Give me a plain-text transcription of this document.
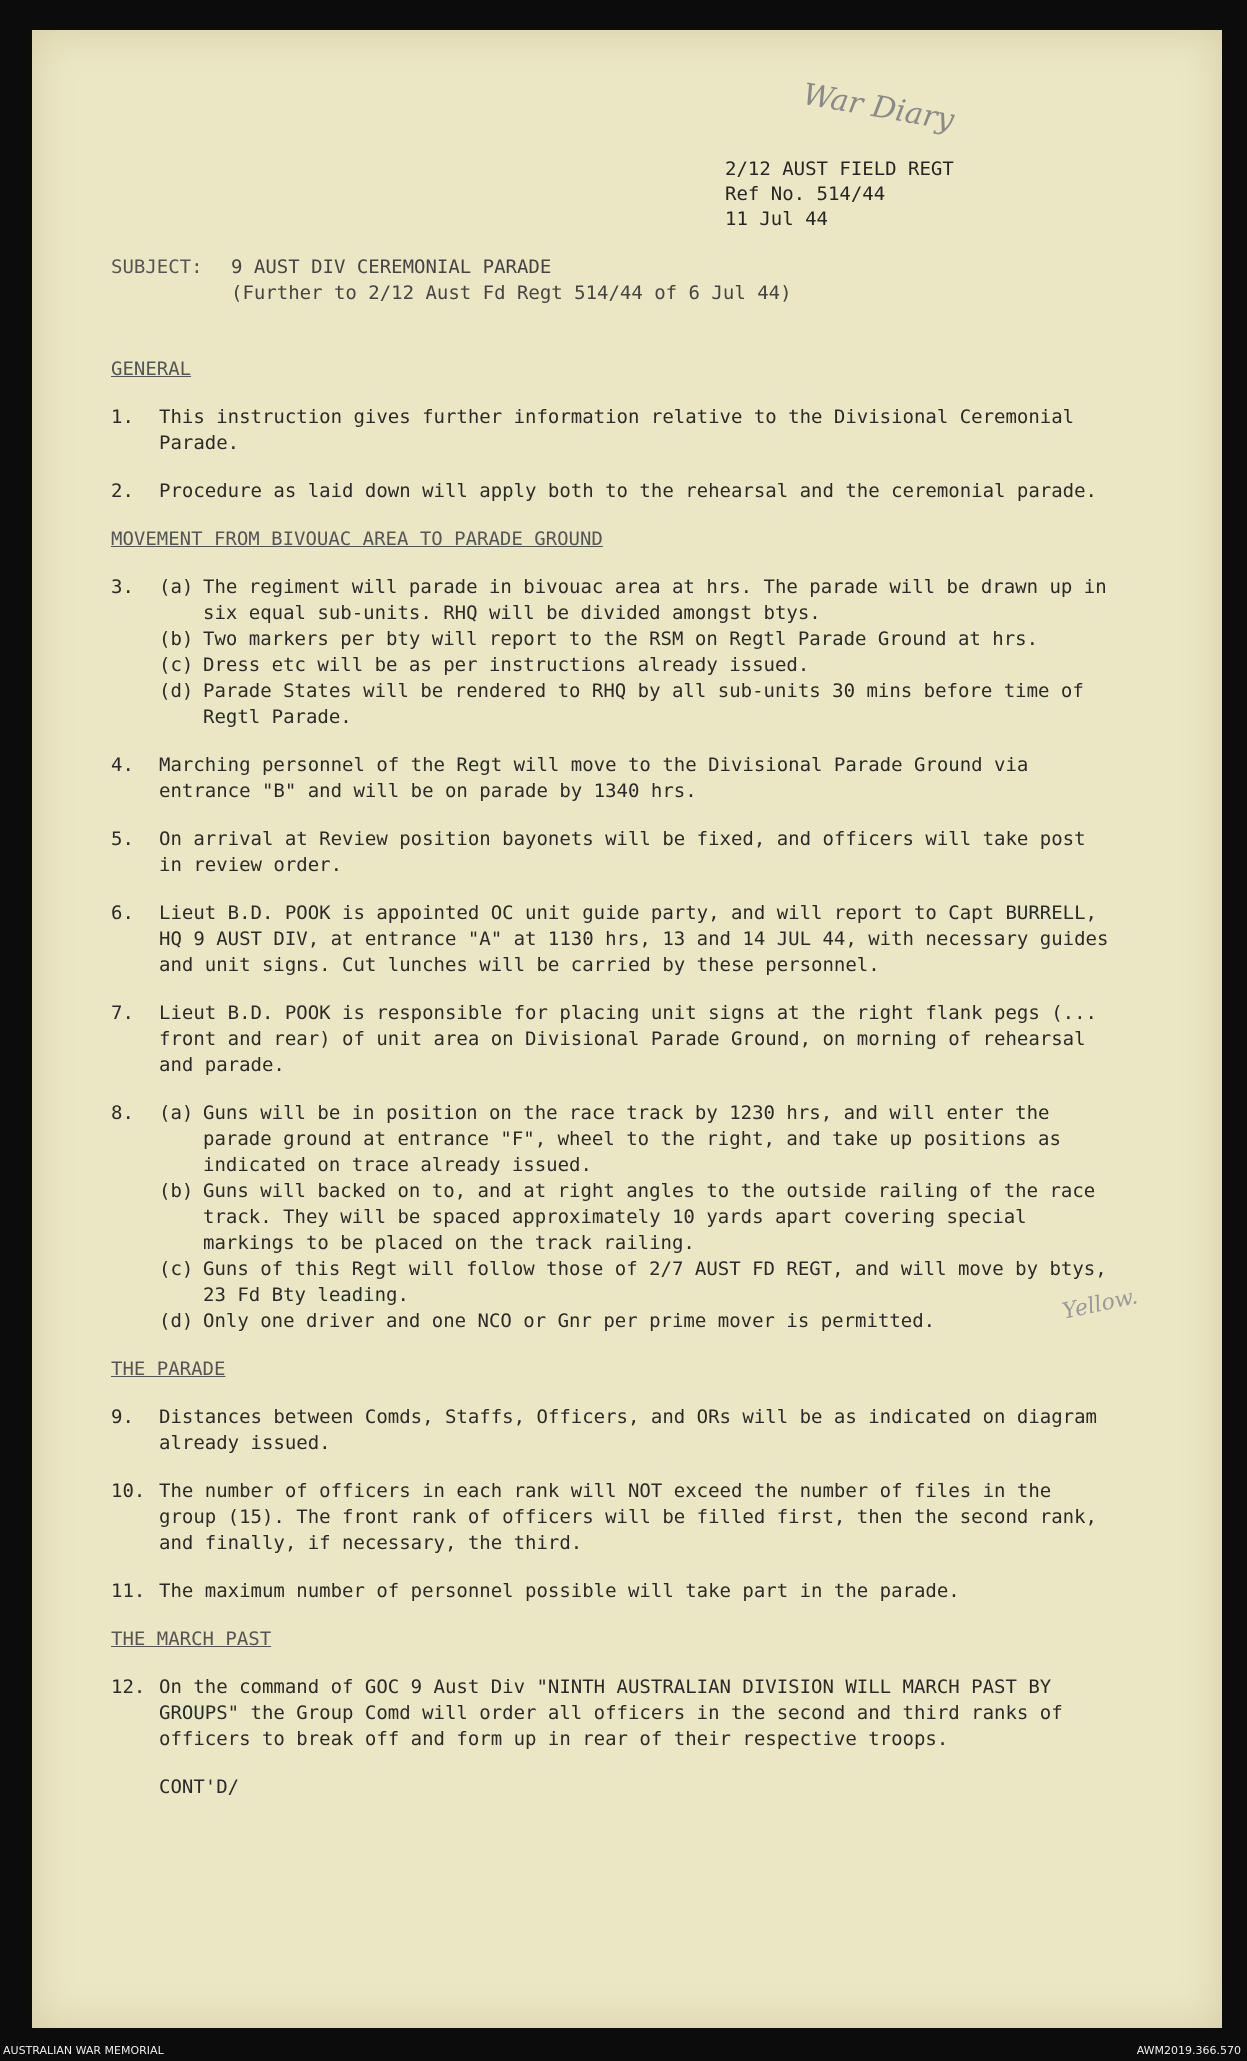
War Diary
Yellow.
2/12 AUST FIELD REGT
Ref No. 514/44
11 Jul 44
SUBJECT:	9 AUST DIV CEREMONIAL PARADE
(Further to 2/12 Aust Fd Regt 514/44 of 6 Jul 44)
GENERAL
1.	This instruction gives further information relative to the Divisional Ceremonial Parade.
2.	Procedure as laid down will apply both to the rehearsal and the ceremonial parade.
MOVEMENT FROM BIVOUAC AREA TO PARADE GROUND
3.	(a) The regiment will parade in bivouac area at hrs. The parade will be drawn up in six equal sub-units. RHQ will be divided amongst btys.
(b) Two markers per bty will report to the RSM on Regtl Parade Ground at hrs.
(c) Dress etc will be as per instructions already issued.
(d) Parade States will be rendered to RHQ by all sub-units 30 mins before time of Regtl Parade.
4.	Marching personnel of the Regt will move to the Divisional Parade Ground via entrance "B" and will be on parade by 1340 hrs.
5.	On arrival at Review position bayonets will be fixed, and officers will take post in review order.
6.	Lieut B.D. POOK is appointed OC unit guide party, and will report to Capt BURRELL, HQ 9 AUST DIV, at entrance "A" at 1130 hrs, 13 and 14 JUL 44, with necessary guides and unit signs. Cut lunches will be carried by these personnel.
7.	Lieut B.D. POOK is responsible for placing unit signs at the right flank pegs (... front and rear) of unit area on Divisional Parade Ground, on morning of rehearsal and parade.
8.	(a) Guns will be in position on the race track by 1230 hrs, and will enter the parade ground at entrance "F", wheel to the right, and take up positions as indicated on trace already issued.
(b) Guns will backed on to, and at right angles to the outside railing of the race track. They will be spaced approximately 10 yards apart covering special markings to be placed on the track railing.
(c) Guns of this Regt will follow those of 2/7 AUST FD REGT, and will move by btys, 23 Fd Bty leading.
(d) Only one driver and one NCO or Gnr per prime mover is permitted.
THE PARADE
9.	Distances between Comds, Staffs, Officers, and ORs will be as indicated on diagram already issued.
10. The number of officers in each rank will NOT exceed the number of files in the group (15). The front rank of officers will be filled first, then the second rank, and finally, if necessary, the third.
11. The maximum number of personnel possible will take part in the parade.
THE MARCH PAST
12. On the command of GOC 9 Aust Div "NINTH AUSTRALIAN DIVISION WILL MARCH PAST BY GROUPS" the Group Comd will order all officers in the second and third ranks of officers to break off and form up in rear of their respective troops.
CONT'D/
AUSTRALIAN WAR MEMORIAL	AWM2019.366.570
